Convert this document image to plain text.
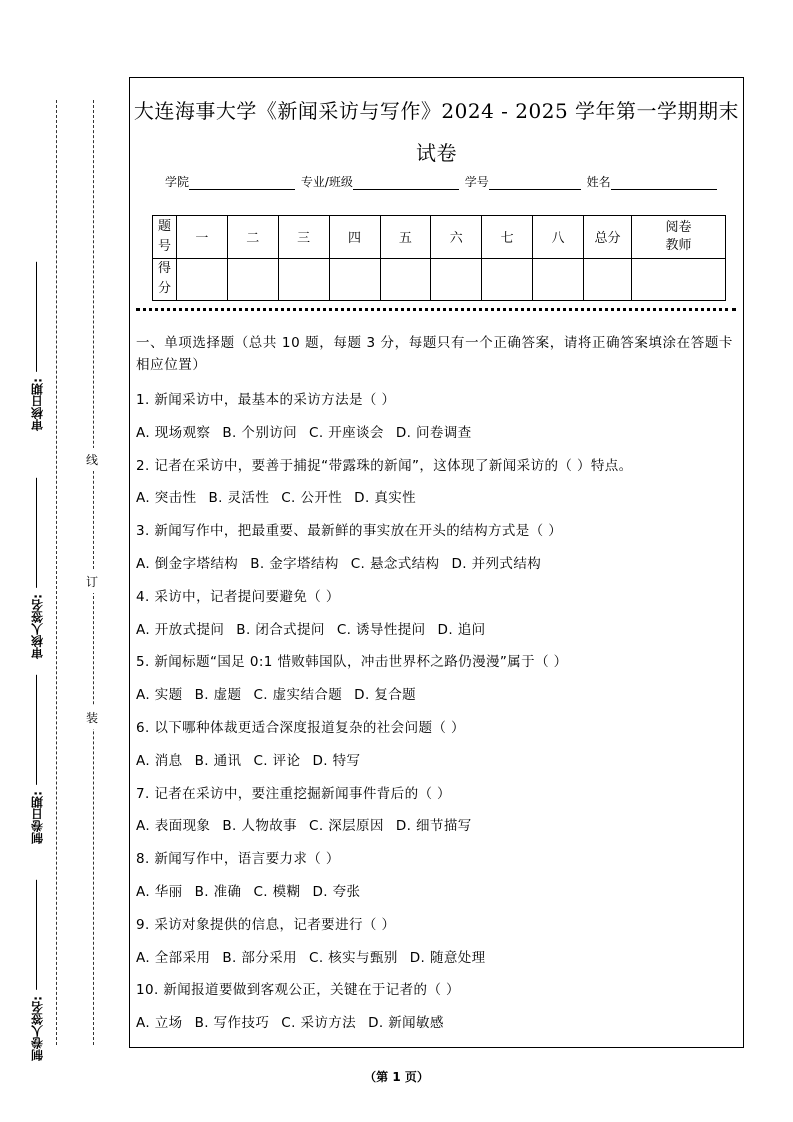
审核日期:
审核人签名:
制卷日期:
制卷人签名:
线
订
装
大连海事大学《新闻采访与写作》2024 - 2025 学年第一学期期末
试卷
学院	专业/班级	学号	姓名
题号	一	二	三	四	五	六	七	八	总分	阅卷教师
得分										
一、单项选择题（总共 10 题，每题 3 分，每题只有一个正确答案，请将正确答案填涂在答题卡相应位置）
1. 新闻采访中，最基本的采访方法是（ ）
A. 现场观察 B. 个别访问 C. 开座谈会 D. 问卷调查
2. 记者在采访中，要善于捕捉“带露珠的新闻”，这体现了新闻采访的（ ）特点。
A. 突击性 B. 灵活性 C. 公开性 D. 真实性
3. 新闻写作中，把最重要、最新鲜的事实放在开头的结构方式是（ ）
A. 倒金字塔结构 B. 金字塔结构 C. 悬念式结构 D. 并列式结构
4. 采访中，记者提问要避免（ ）
A. 开放式提问 B. 闭合式提问 C. 诱导性提问 D. 追问
5. 新闻标题“国足 0:1 惜败韩国队，冲击世界杯之路仍漫漫”属于（ ）
A. 实题 B. 虚题 C. 虚实结合题 D. 复合题
6. 以下哪种体裁更适合深度报道复杂的社会问题（ ）
A. 消息 B. 通讯 C. 评论 D. 特写
7. 记者在采访中，要注重挖掘新闻事件背后的（ ）
A. 表面现象 B. 人物故事 C. 深层原因 D. 细节描写
8. 新闻写作中，语言要力求（ ）
A. 华丽 B. 准确 C. 模糊 D. 夸张
9. 采访对象提供的信息，记者要进行（ ）
A. 全部采用 B. 部分采用 C. 核实与甄别 D. 随意处理
10. 新闻报道要做到客观公正，关键在于记者的（ ）
A. 立场 B. 写作技巧 C. 采访方法 D. 新闻敏感
（第 1 页）
